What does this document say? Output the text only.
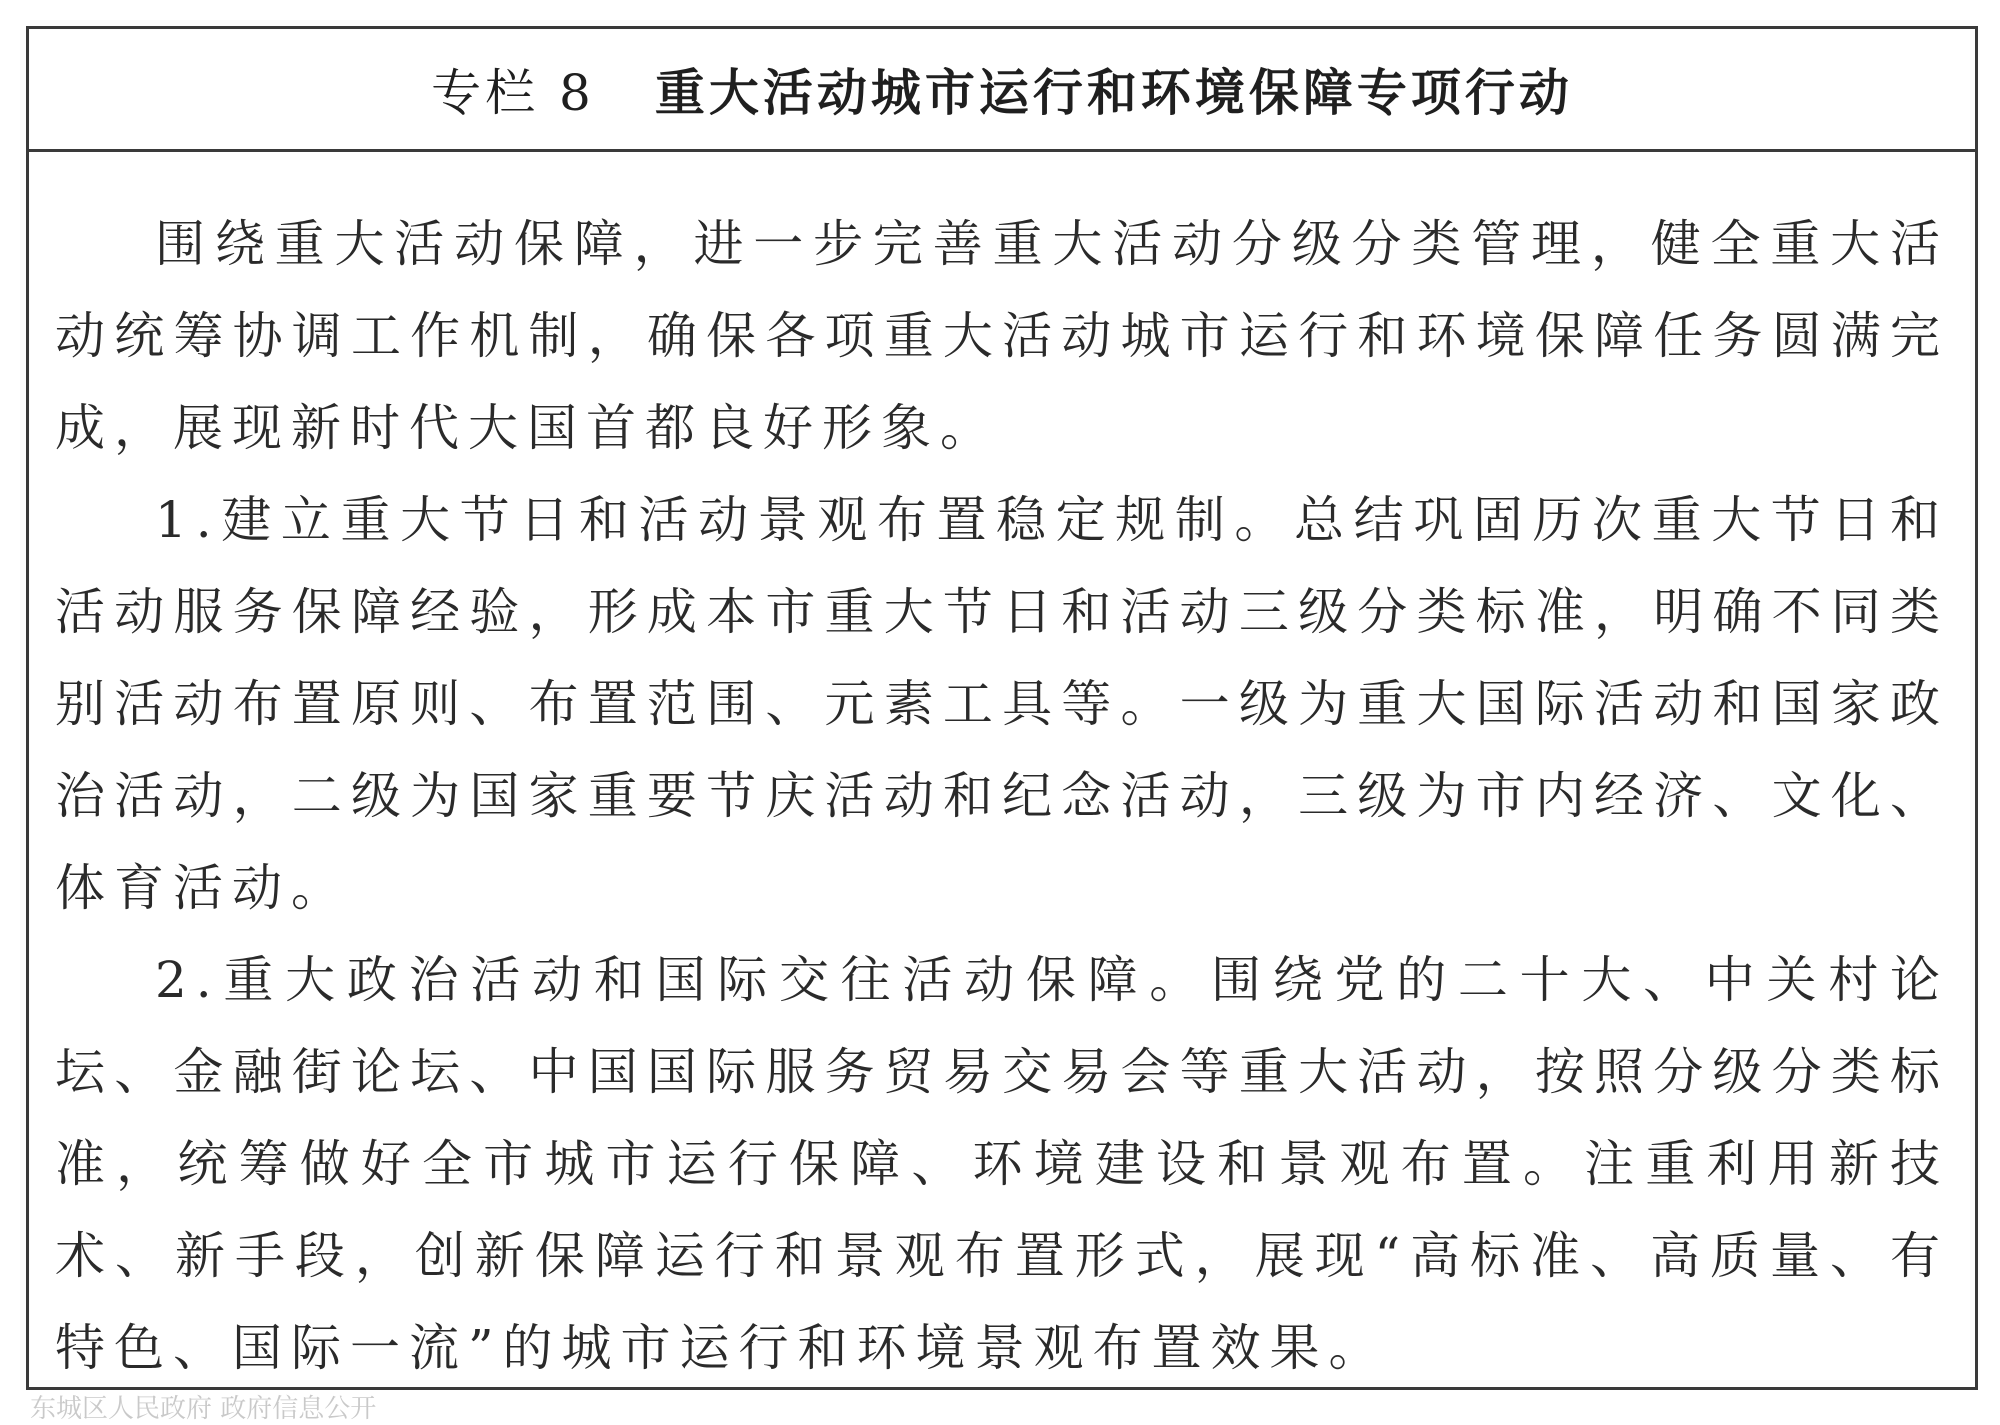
专栏 8 重大活动城市运行和环境保障专项行动

围绕重大活动保障，进一步完善重大活动分级分类管理，健全重大活动统筹协调工作机制，确保各项重大活动城市运行和环境保障任务圆满完成，展现新时代大国首都良好形象。

1.建立重大节日和活动景观布置稳定规制。总结巩固历次重大节日和活动服务保障经验，形成本市重大节日和活动三级分类标准，明确不同类别活动布置原则、布置范围、元素工具等。一级为重大国际活动和国家政治活动，二级为国家重要节庆活动和纪念活动，三级为市内经济、文化、体育活动。

2.重大政治活动和国际交往活动保障。围绕党的二十大、中关村论坛、金融街论坛、中国国际服务贸易交易会等重大活动，按照分级分类标准，统筹做好全市城市运行保障、环境建设和景观布置。注重利用新技术、新手段，创新保障运行和景观布置形式，展现“高标准、高质量、有特色、国际一流”的城市运行和环境景观布置效果。

东城区人民政府 政府信息公开
